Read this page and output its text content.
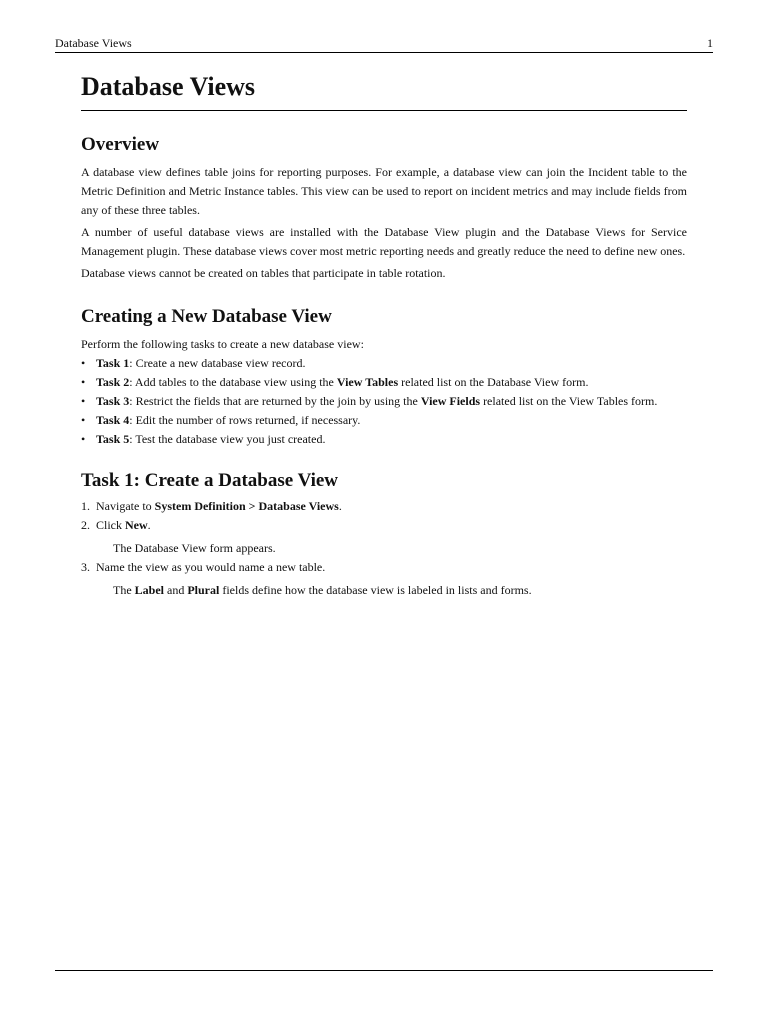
Database Views	1
Database Views
Overview

A database view defines table joins for reporting purposes. For example, a database view can join the Incident table to the Metric Definition and Metric Instance tables. This view can be used to report on incident metrics and may include fields from any of these three tables.

A number of useful database views are installed with the Database View plugin and the Database Views for Service Management plugin. These database views cover most metric reporting needs and greatly reduce the need to define new ones.

Database views cannot be created on tables that participate in table rotation.

Creating a New Database View

Perform the following tasks to create a new database view:

• Task 1: Create a new database view record.
• Task 2: Add tables to the database view using the View Tables related list on the Database View form.
• Task 3: Restrict the fields that are returned by the join by using the View Fields related list on the View Tables form.
• Task 4: Edit the number of rows returned, if necessary.
• Task 5: Test the database view you just created.
Task 1: Create a Database View
1. Navigate to System Definition > Database Views.
2. Click New.
The Database View form appears.
3. Name the view as you would name a new table.
The Label and Plural fields define how the database view is labeled in lists and forms.
